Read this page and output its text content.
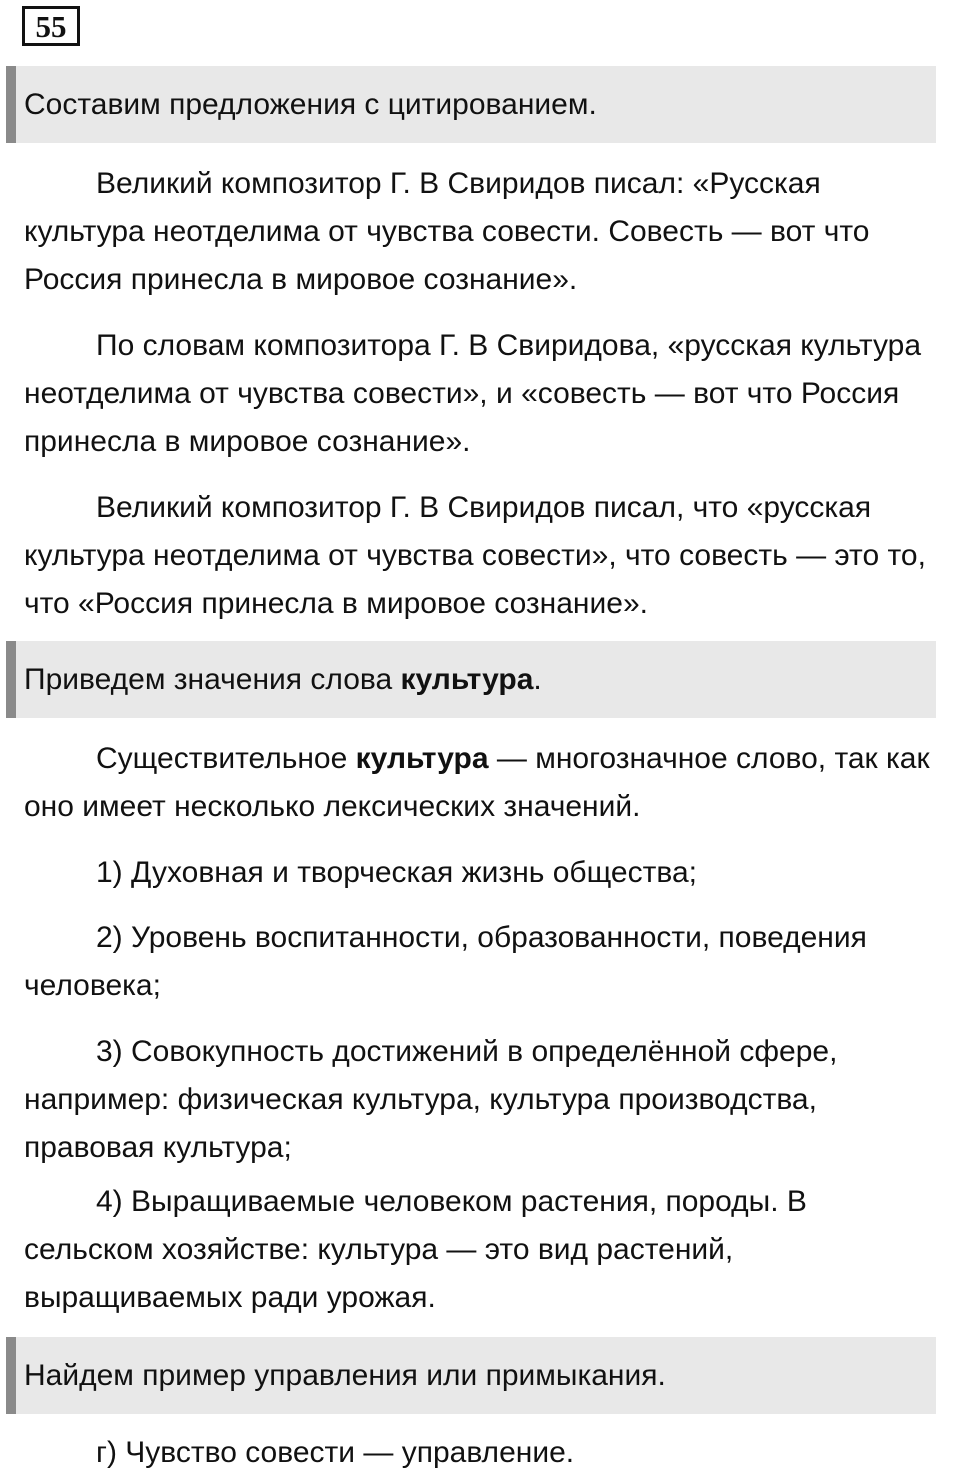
55
Составим предложения с цитированием.

Великий композитор Г. В Свиридов писал: «Русская культура неотделима от чувства совести. Совесть — вот что Россия принесла в мировое сознание».

По словам композитора Г. В Свиридова, «русская культура неотделима от чувства совести», и «совесть — вот что Россия принесла в мировое сознание».

Великий композитор Г. В Свиридов писал, что «русская культура неотделима от чувства совести», что совесть — это то, что «Россия принесла в мировое сознание».

Приведем значения слова культура.

Существительное культура — многозначное слово, так как оно имеет несколько лексических значений.

1) Духовная и творческая жизнь общества;

2) Уровень воспитанности, образованности, поведения человека;

3) Совокупность достижений в определённой сфере, например: физическая культура, культура производства, правовая культура;

4) Выращиваемые человеком растения, породы. В сельском хозяйстве: культура — это вид растений, выращиваемых ради урожая.

Найдем пример управления или примыкания.

г) Чувство совести — управление.
